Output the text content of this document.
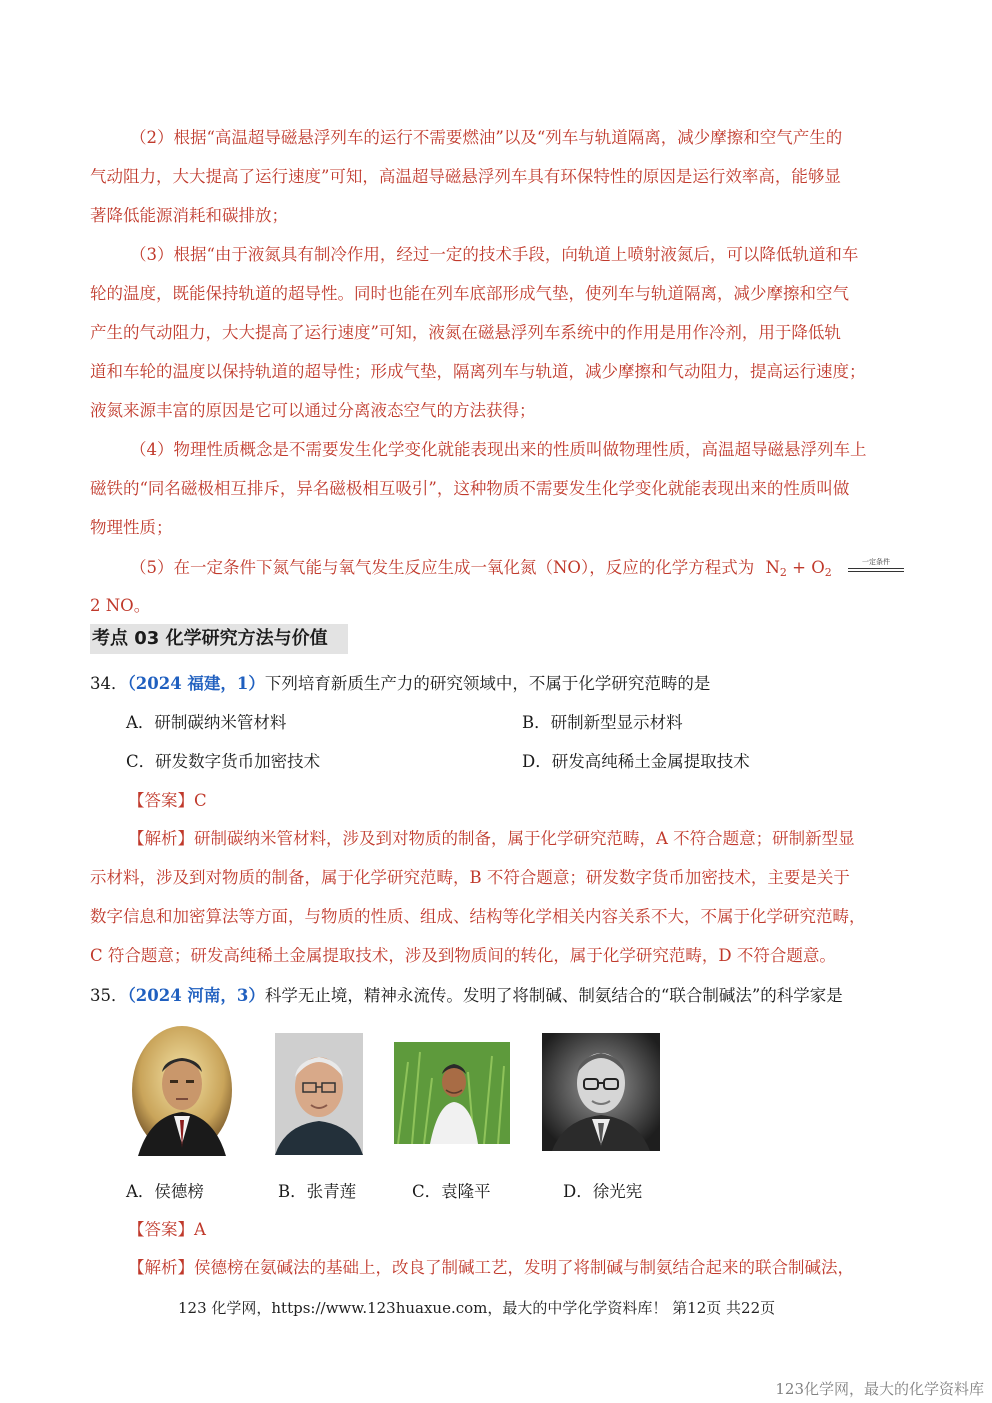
（2）根据“高温超导磁悬浮列车的运行不需要燃油”以及“列车与轨道隔离，减少摩擦和空气产生的
气动阻力，大大提高了运行速度”可知，高温超导磁悬浮列车具有环保特性的原因是运行效率高，能够显
著降低能源消耗和碳排放；
（3）根据“由于液氮具有制冷作用，经过一定的技术手段，向轨道上喷射液氮后，可以降低轨道和车
轮的温度，既能保持轨道的超导性。同时也能在列车底部形成气垫，使列车与轨道隔离，减少摩擦和空气
产生的气动阻力，大大提高了运行速度”可知，液氮在磁悬浮列车系统中的作用是用作冷剂，用于降低轨
道和车轮的温度以保持轨道的超导性；形成气垫，隔离列车与轨道，减少摩擦和气动阻力，提高运行速度；
液氮来源丰富的原因是它可以通过分离液态空气的方法获得；
（4）物理性质概念是不需要发生化学变化就能表现出来的性质叫做物理性质，高温超导磁悬浮列车上
磁铁的“同名磁极相互排斥，异名磁极相互吸引”，这种物质不需要发生化学变化就能表现出来的性质叫做
物理性质；
（5）在一定条件下氮气能与氧气发生反应生成一氧化氮（NO），反应的化学方程式为 $N_2 + O_2$
一定条件
2 NO。
考点 03 化学研究方法与价值
34．（2024 福建，1）下列培育新质生产力的研究领域中，不属于化学研究范畴的是
A．研制碳纳米管材料	B．研制新型显示材料
C．研发数字货币加密技术	D．研发高纯稀土金属提取技术
【答案】C
【解析】研制碳纳米管材料，涉及到对物质的制备，属于化学研究范畴，A 不符合题意；研制新型显
示材料，涉及到对物质的制备，属于化学研究范畴，B 不符合题意；研发数字货币加密技术，主要是关于
数字信息和加密算法等方面，与物质的性质、组成、结构等化学相关内容关系不大，不属于化学研究范畴，
C 符合题意；研发高纯稀土金属提取技术，涉及到物质间的转化，属于化学研究范畴，D 不符合题意。
35．（2024 河南，3）科学无止境，精神永流传。发明了将制碱、制氨结合的“联合制碱法”的科学家是
A．侯德榜	B．张青莲	C．袁隆平	D．徐光宪
【答案】A
【解析】侯德榜在氨碱法的基础上，改良了制碱工艺，发明了将制碱与制氨结合起来的联合制碱法，
123 化学网，https://www.123huaxue.com，最大的中学化学资料库！ 第12页 共22页
123化学网，最大的化学资料库
